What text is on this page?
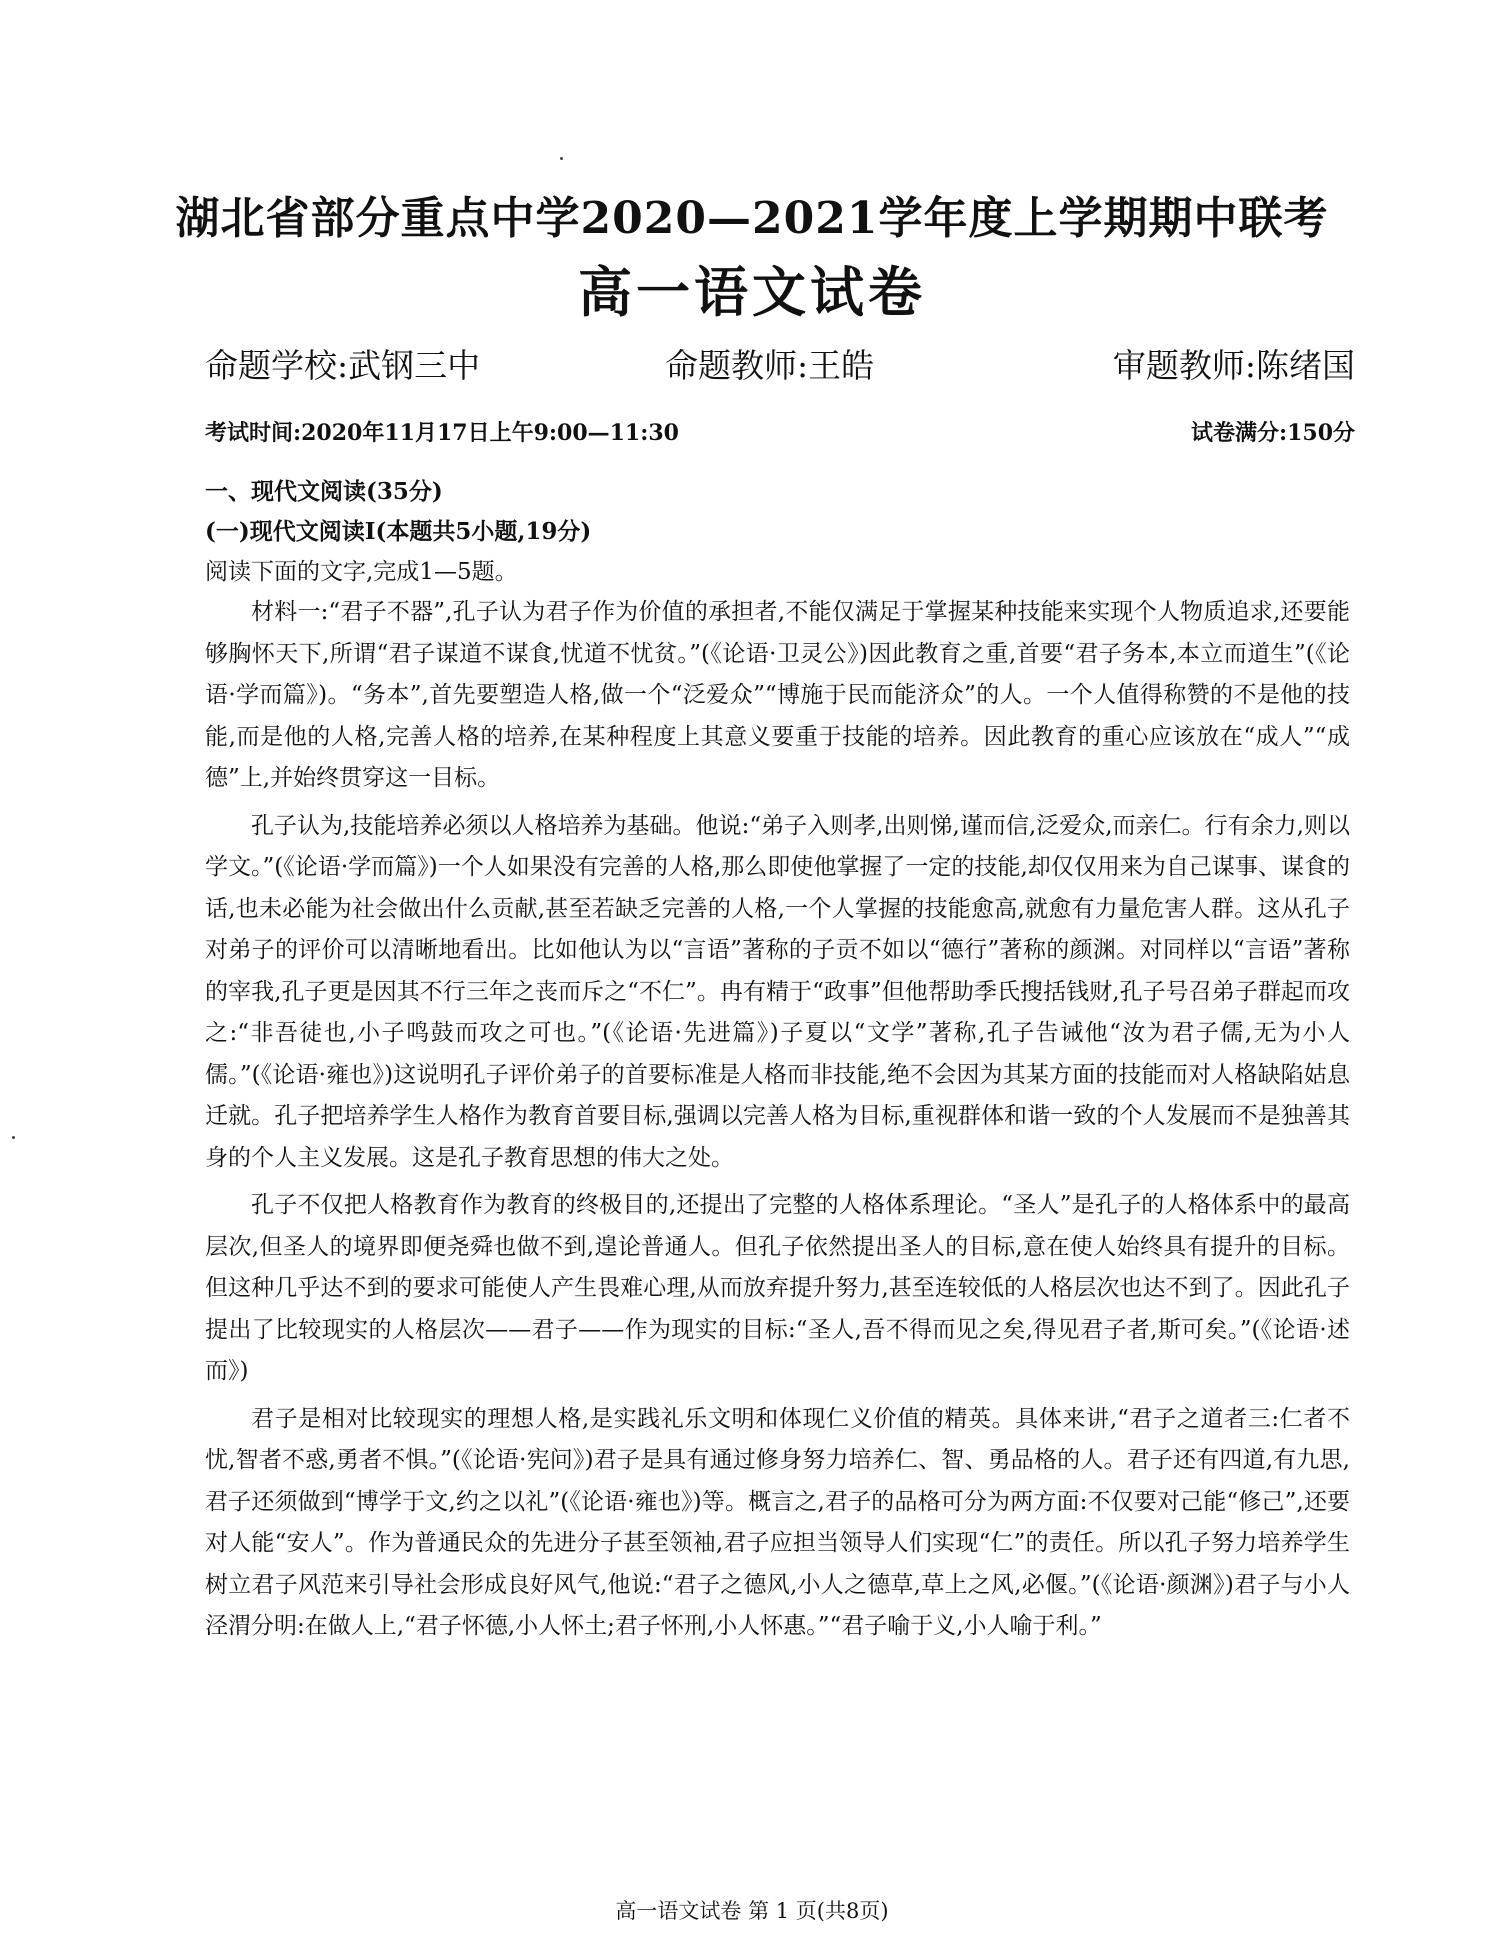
湖北省部分重点中学2020—2021学年度上学期期中联考
高一语文试卷
命题学校:武钢三中	命题教师:王皓	审题教师:陈绪国
考试时间:2020年11月17日上午9:00—11:30	试卷满分:150分
一、现代文阅读(35分)
(一)现代文阅读Ⅰ(本题共5小题,19分)
阅读下面的文字,完成1—5题。

材料一:“君子不器”,孔子认为君子作为价值的承担者,不能仅满足于掌握某种技能来实现个人物质追求,还要能够胸怀天下,所谓“君子谋道不谋食,忧道不忧贫。”(《论语·卫灵公》)因此教育之重,首要“君子务本,本立而道生”(《论语·学而篇》)。“务本”,首先要塑造人格,做一个“泛爱众”“博施于民而能济众”的人。一个人值得称赞的不是他的技能,而是他的人格,完善人格的培养,在某种程度上其意义要重于技能的培养。因此教育的重心应该放在“成人”“成德”上,并始终贯穿这一目标。

孔子认为,技能培养必须以人格培养为基础。他说:“弟子入则孝,出则悌,谨而信,泛爱众,而亲仁。行有余力,则以学文。”(《论语·学而篇》)一个人如果没有完善的人格,那么即使他掌握了一定的技能,却仅仅用来为自己谋事、谋食的话,也未必能为社会做出什么贡献,甚至若缺乏完善的人格,一个人掌握的技能愈高,就愈有力量危害人群。这从孔子对弟子的评价可以清晰地看出。比如他认为以“言语”著称的子贡不如以“德行”著称的颜渊。对同样以“言语”著称的宰我,孔子更是因其不行三年之丧而斥之“不仁”。冉有精于“政事”但他帮助季氏搜括钱财,孔子号召弟子群起而攻之:“非吾徒也,小子鸣鼓而攻之可也。”(《论语·先进篇》)子夏以“文学”著称,孔子告诫他“汝为君子儒,无为小人儒。”(《论语·雍也》)这说明孔子评价弟子的首要标准是人格而非技能,绝不会因为其某方面的技能而对人格缺陷姑息迁就。孔子把培养学生人格作为教育首要目标,强调以完善人格为目标,重视群体和谐一致的个人发展而不是独善其身的个人主义发展。这是孔子教育思想的伟大之处。

孔子不仅把人格教育作为教育的终极目的,还提出了完整的人格体系理论。“圣人”是孔子的人格体系中的最高层次,但圣人的境界即便尧舜也做不到,遑论普通人。但孔子依然提出圣人的目标,意在使人始终具有提升的目标。但这种几乎达不到的要求可能使人产生畏难心理,从而放弃提升努力,甚至连较低的人格层次也达不到了。因此孔子提出了比较现实的人格层次——君子——作为现实的目标:“圣人,吾不得而见之矣,得见君子者,斯可矣。”(《论语·述而》)

君子是相对比较现实的理想人格,是实践礼乐文明和体现仁义价值的精英。具体来讲,“君子之道者三:仁者不忧,智者不惑,勇者不惧。”(《论语·宪问》)君子是具有通过修身努力培养仁、智、勇品格的人。君子还有四道,有九思,君子还须做到“博学于文,约之以礼”(《论语·雍也》)等。概言之,君子的品格可分为两方面:不仅要对己能“修己”,还要对人能“安人”。作为普通民众的先进分子甚至领袖,君子应担当领导人们实现“仁”的责任。所以孔子努力培养学生树立君子风范来引导社会形成良好风气,他说:“君子之德风,小人之德草,草上之风,必偃。”(《论语·颜渊》)君子与小人泾渭分明:在做人上,“君子怀德,小人怀土;君子怀刑,小人怀惠。”“君子喻于义,小人喻于利。”

高一语文试卷 第 1 页(共8页)
